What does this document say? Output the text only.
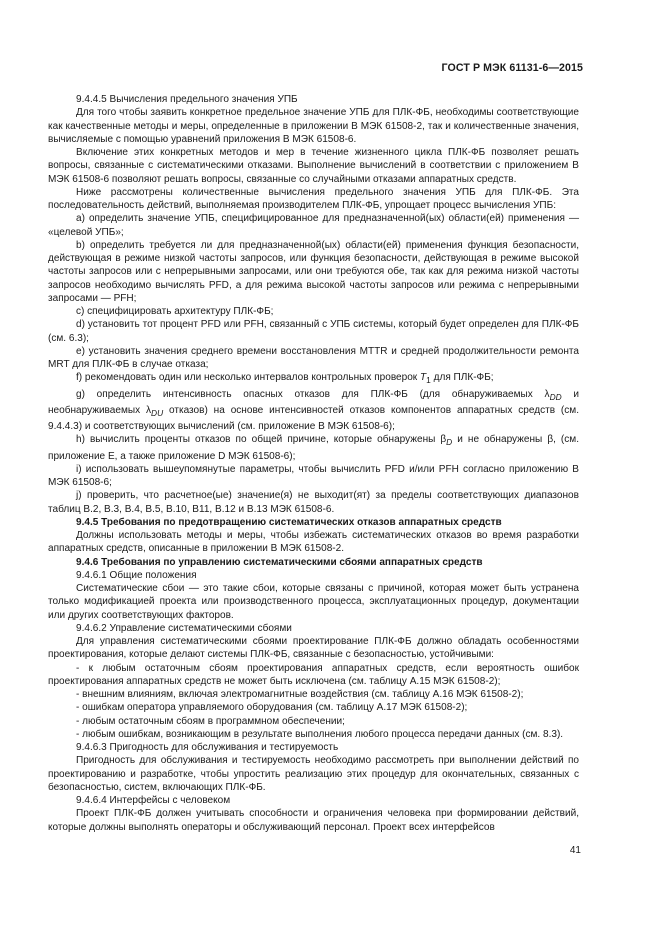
ГОСТ Р МЭК 61131-6—2015

9.4.4.5 Вычисления предельного значения УПБ

Для того чтобы заявить конкретное предельное значение УПБ для ПЛК-ФБ, необходимы соответствующие как качественные методы и меры, определенные в приложении В МЭК 61508-2, так и количественные значения, вычисляемые с помощью уравнений приложения В МЭК 61508-6.

Включение этих конкретных методов и мер в течение жизненного цикла ПЛК-ФБ позволяет решать вопросы, связанные с систематическими отказами. Выполнение вычислений в соответствии с приложением В МЭК 61508-6 позволяют решать вопросы, связанные со случайными отказами аппаратных средств.

Ниже рассмотрены количественные вычисления предельного значения УПБ для ПЛК-ФБ. Эта последовательность действий, выполняемая производителем ПЛК-ФБ, упрощает процесс вычисления УПБ:

a) определить значение УПБ, специфицированное для предназначенной(ых) области(ей) применения — «целевой УПБ»;

b) определить требуется ли для предназначенной(ых) области(ей) применения функция безопасности, действующая в режиме низкой частоты запросов, или функция безопасности, действующая в режиме высокой частоты запросов или с непрерывными запросами, или они требуются обе, так как для режима низкой частоты запросов необходимо вычислять PFD, а для режима высокой частоты запросов или режима с непрерывными запросами — PFH;

c) специфицировать архитектуру ПЛК-ФБ;

d) установить тот процент PFD или PFH, связанный с УПБ системы, который будет определен для ПЛК-ФБ (см. 6.3);

e) установить значения среднего времени восстановления MTTR и средней продолжительности ремонта MRT для ПЛК-ФБ в случае отказа;

f) рекомендовать один или несколько интервалов контрольных проверок $T_1$ для ПЛК-ФБ;

g) определить интенсивность опасных отказов для ПЛК-ФБ (для обнаруживаемых $\lambda_{DD}$ и необнаруживаемых $\lambda_{DU}$ отказов) на основе интенсивностей отказов компонентов аппаратных средств (см. 9.4.4.3) и соответствующих вычислений (см. приложение В МЭК 61508-6);

h) вычислить проценты отказов по общей причине, которые обнаружены $\beta_D$ и не обнаружены β, (см. приложение Е, а также приложение D МЭК 61508-6);

i) использовать вышеупомянутые параметры, чтобы вычислить PFD и/или PFH согласно приложению В МЭК 61508-6;

j) проверить, что расчетное(ые) значение(я) не выходит(ят) за пределы соответствующих диапазонов таблиц В.2, В.3, В.4, В.5, В.10, В11, В.12 и В.13 МЭК 61508-6.

9.4.5 Требования по предотвращению систематических отказов аппаратных средств

Должны использовать методы и меры, чтобы избежать систематических отказов во время разработки аппаратных средств, описанные в приложении В МЭК 61508-2.

9.4.6 Требования по управлению систематическими сбоями аппаратных средств

9.4.6.1 Общие положения

Систематические сбои — это такие сбои, которые связаны с причиной, которая может быть устранена только модификацией проекта или производственного процесса, эксплуатационных процедур, документации или других соответствующих факторов.

9.4.6.2 Управление систематическими сбоями

Для управления систематическими сбоями проектирование ПЛК-ФБ должно обладать особенностями проектирования, которые делают системы ПЛК-ФБ, связанные с безопасностью, устойчивыми:

- к любым остаточным сбоям проектирования аппаратных средств, если вероятность ошибок проектирования аппаратных средств не может быть исключена (см. таблицу А.15 МЭК 61508-2);

- внешним влияниям, включая электромагнитные воздействия (см. таблицу А.16 МЭК 61508-2);

- ошибкам оператора управляемого оборудования (см. таблицу А.17 МЭК 61508-2);

- любым остаточным сбоям в программном обеспечении;

- любым ошибкам, возникающим в результате выполнения любого процесса передачи данных (см. 8.3).

9.4.6.3 Пригодность для обслуживания и тестируемость

Пригодность для обслуживания и тестируемость необходимо рассмотреть при выполнении действий по проектированию и разработке, чтобы упростить реализацию этих процедур для окончательных, связанных с безопасностью, систем, включающих ПЛК-ФБ.

9.4.6.4 Интерфейсы с человеком

Проект ПЛК-ФБ должен учитывать способности и ограничения человека при формировании действий, которые должны выполнять операторы и обслуживающий персонал. Проект всех интерфейсов

41
